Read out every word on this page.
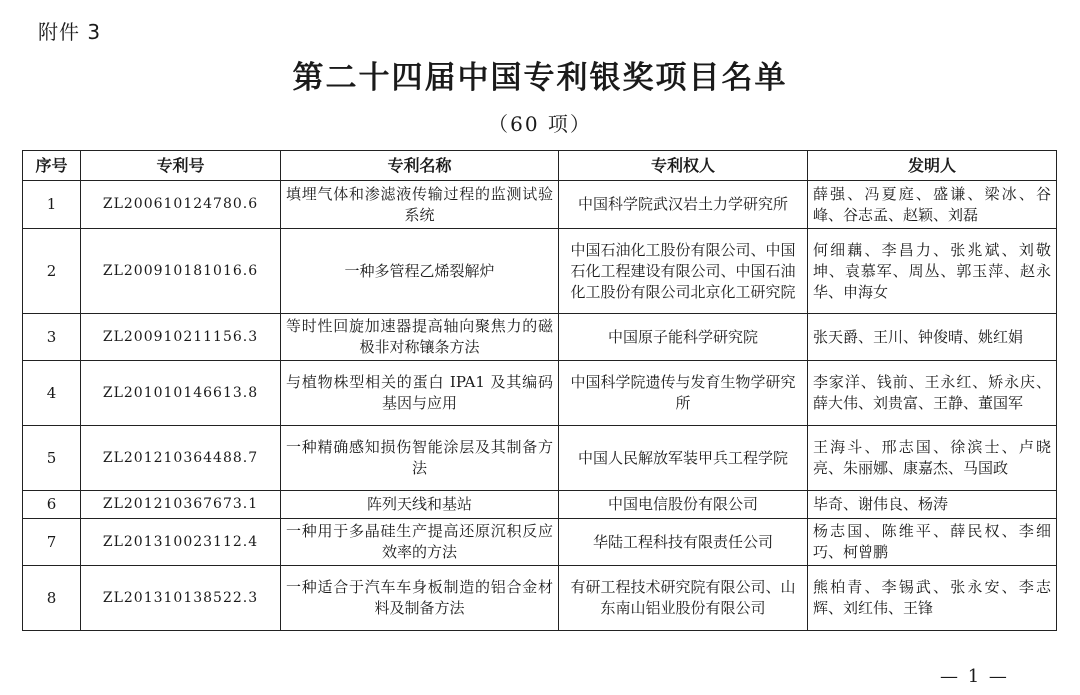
附件 3
第二十四届中国专利银奖项目名单
（60 项）
序号	专利号	专利名称	专利权人	发明人
1	ZL200610124780.6	填埋气体和渗滤液传输过程的监测试验系统	中国科学院武汉岩土力学研究所	薛强、冯夏庭、盛谦、梁冰、谷峰、谷志孟、赵颖、刘磊
2	ZL200910181016.6	一种多管程乙烯裂解炉	中国石油化工股份有限公司、中国石化工程建设有限公司、中国石油化工股份有限公司北京化工研究院	何细藕、李昌力、张兆斌、刘敬坤、袁慕军、周丛、郭玉萍、赵永华、申海女
3	ZL200910211156.3	等时性回旋加速器提高轴向聚焦力的磁极非对称镶条方法	中国原子能科学研究院	张天爵、王川、钟俊晴、姚红娟
4	ZL201010146613.8	与植物株型相关的蛋白 IPA1 及其编码基因与应用	中国科学院遗传与发育生物学研究所	李家洋、钱前、王永红、矫永庆、薛大伟、刘贵富、王静、董国军
5	ZL201210364488.7	一种精确感知损伤智能涂层及其制备方法	中国人民解放军装甲兵工程学院	王海斗、邢志国、徐滨士、卢晓亮、朱丽娜、康嘉杰、马国政
6	ZL201210367673.1	阵列天线和基站	中国电信股份有限公司	毕奇、谢伟良、杨涛
7	ZL201310023112.4	一种用于多晶硅生产提高还原沉积反应效率的方法	华陆工程科技有限责任公司	杨志国、陈维平、薛民权、李细巧、柯曾鹏
8	ZL201310138522.3	一种适合于汽车车身板制造的铝合金材料及制备方法	有研工程技术研究院有限公司、山东南山铝业股份有限公司	熊柏青、李锡武、张永安、李志辉、刘红伟、王锋
— 1 —
